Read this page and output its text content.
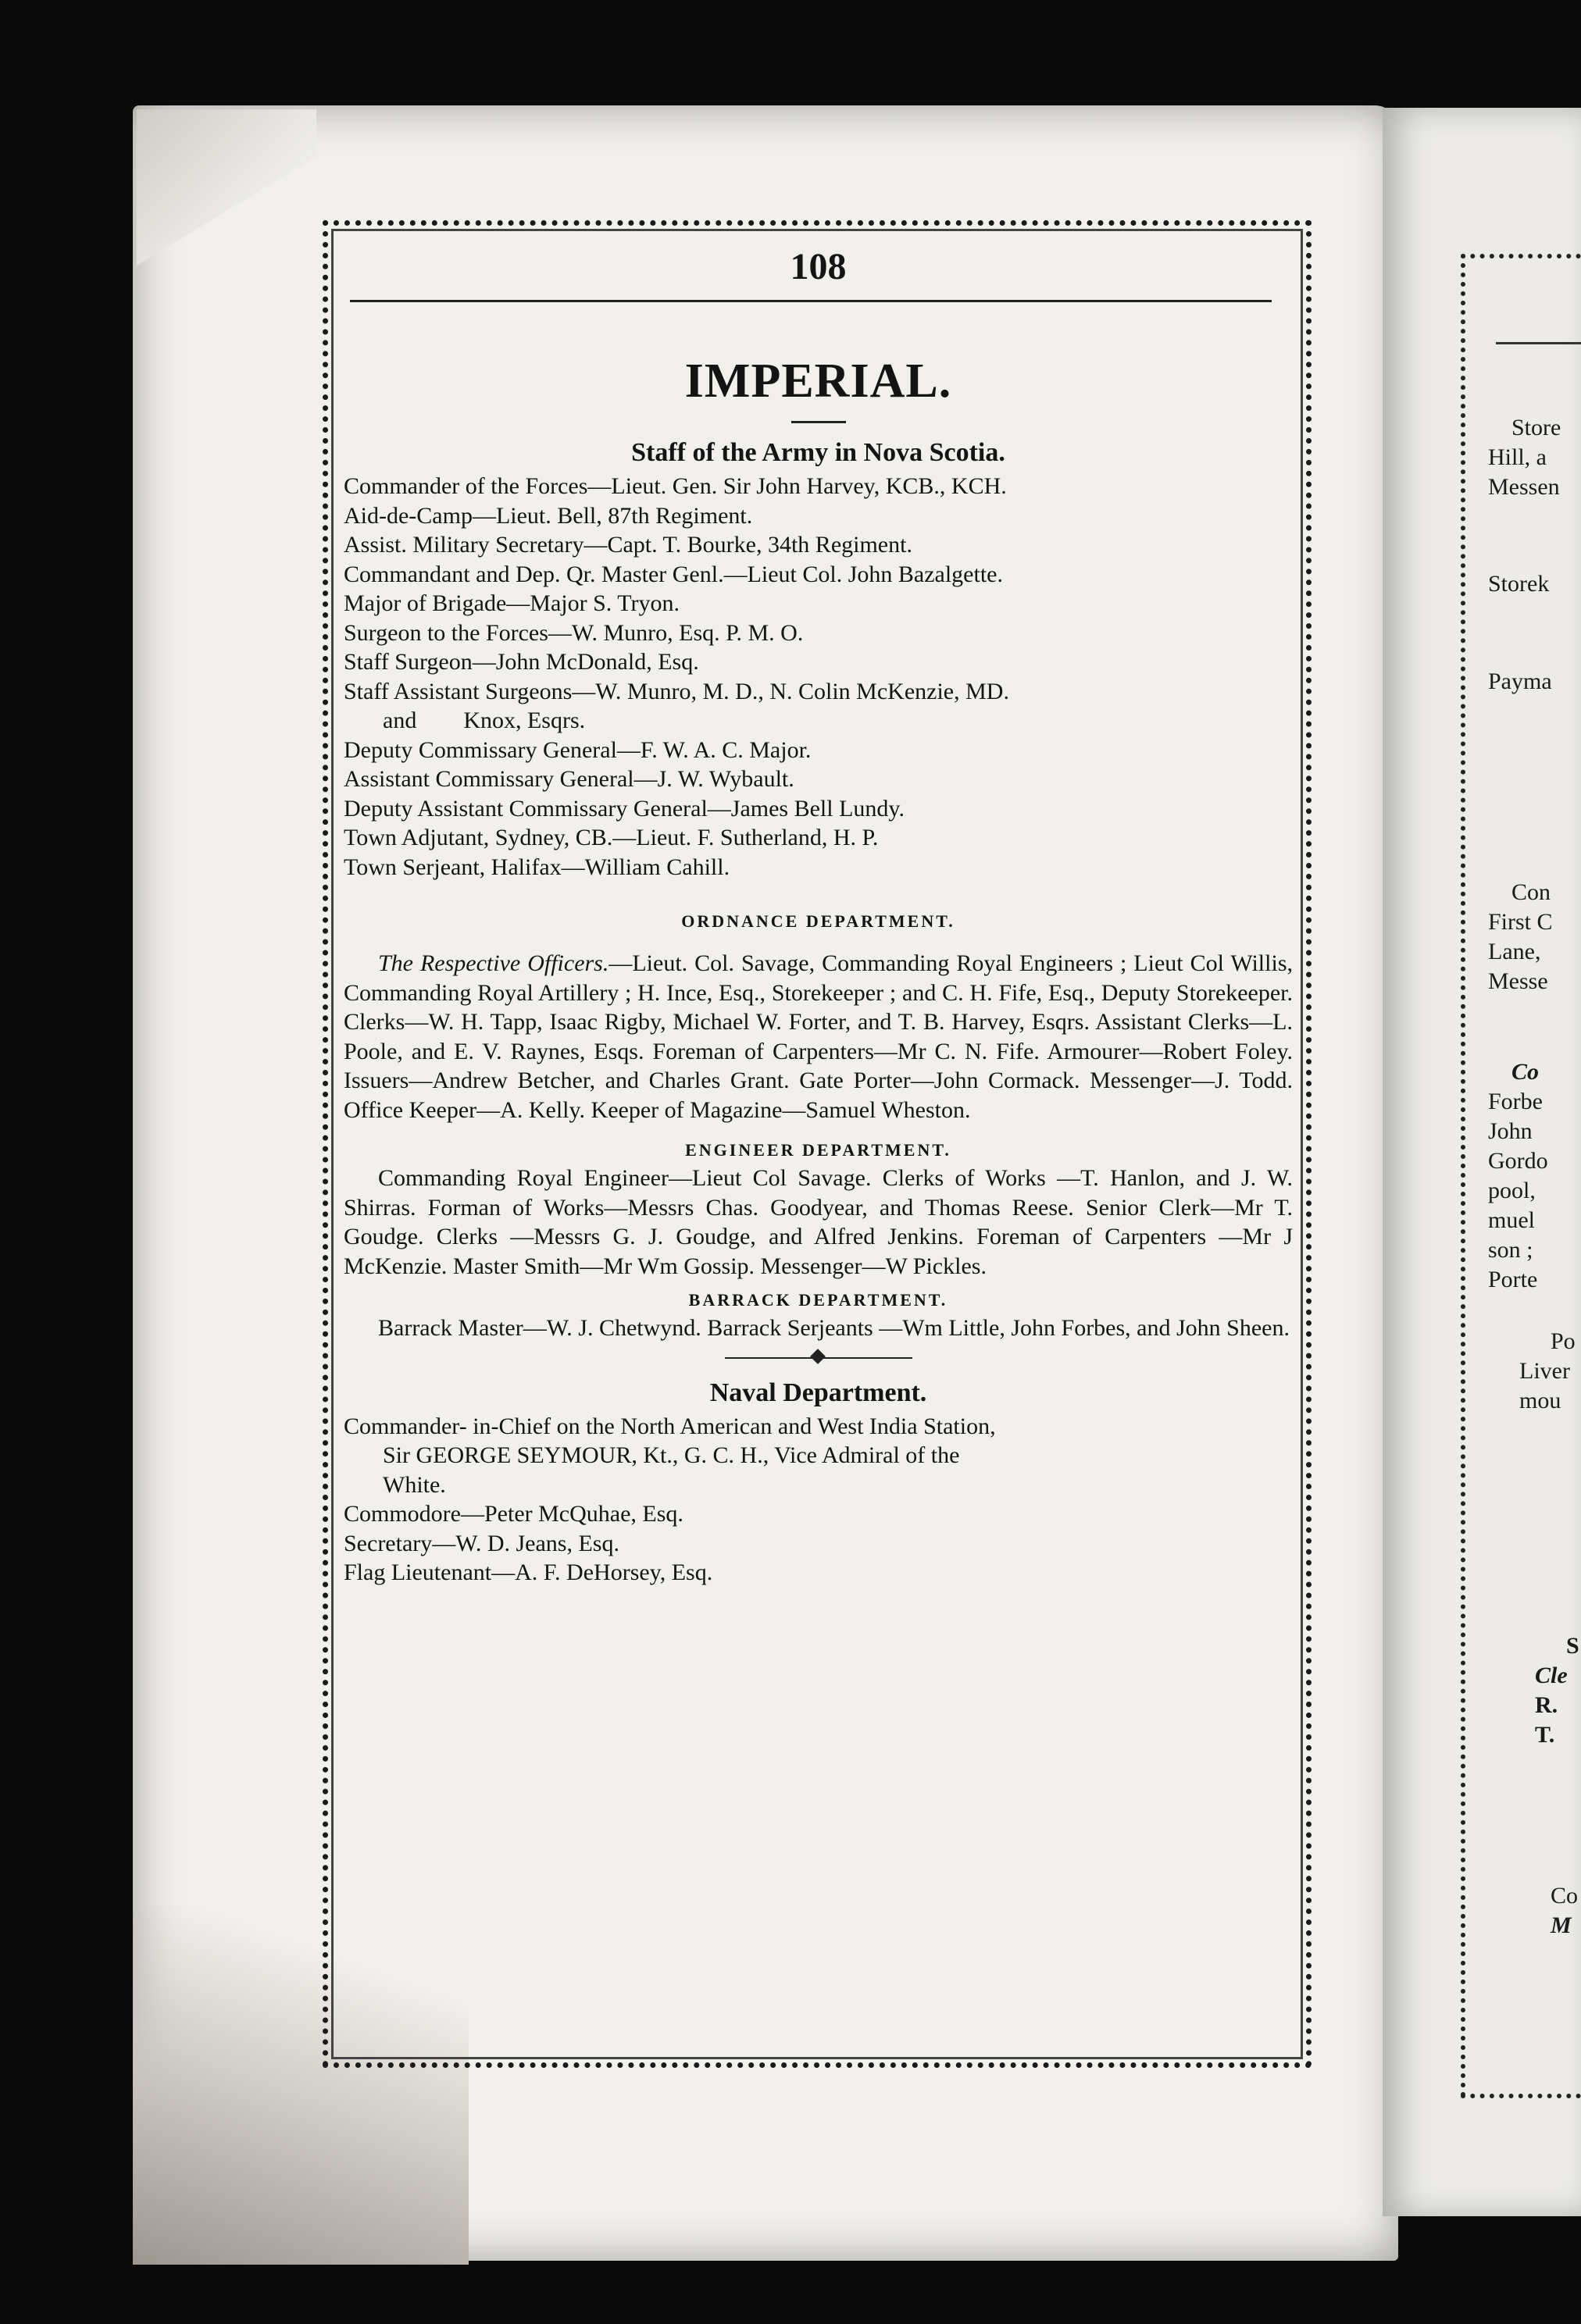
Store
Hill, a
Messen
Storek
Payma
Con
First C
Lane,
Messe
Co
Forbe
John
Gordo
pool,
muel
son ;
Porte
Po
Liver
mou
S
Cle
R.
T.
Co
M
108
IMPERIAL.
Staff of the Army in Nova Scotia.
Commander of the Forces—Lieut. Gen. Sir John Harvey, KCB., KCH.
Aid-de-Camp—Lieut. Bell, 87th Regiment.
Assist. Military Secretary—Capt. T. Bourke, 34th Regiment.
Commandant and Dep. Qr. Master Genl.—Lieut Col. John Bazalgette.
Major of Brigade—Major S. Tryon.
Surgeon to the Forces—W. Munro, Esq. P. M. O.
Staff Surgeon—John McDonald, Esq.
Staff Assistant Surgeons—W. Munro, M. D., N. Colin McKenzie, MD.
and        Knox, Esqrs.
Deputy Commissary General—F. W. A. C. Major.
Assistant Commissary General—J. W. Wybault.
Deputy Assistant Commissary General—James Bell Lundy.
Town Adjutant, Sydney, CB.—Lieut. F. Sutherland, H. P.
Town Serjeant, Halifax—William Cahill.
ORDNANCE DEPARTMENT.
The Respective Officers.—Lieut. Col. Savage, Commanding Royal Engineers ; Lieut Col Willis, Commanding Royal Artillery ; H. Ince, Esq., Storekeeper ; and C. H. Fife, Esq., Deputy Storekeeper. Clerks—W. H. Tapp, Isaac Rigby, Michael W. Forter, and T. B. Harvey, Esqrs. Assistant Clerks—L. Poole, and E. V. Raynes, Esqs. Foreman of Carpenters—Mr C. N. Fife. Armourer—Robert Foley. Issuers—Andrew Betcher, and Charles Grant. Gate Porter—John Cormack. Messenger—J. Todd. Office Keeper—A. Kelly. Keeper of Magazine—Samuel Wheston.
ENGINEER DEPARTMENT.
Commanding Royal Engineer—Lieut Col Savage. Clerks of Works —T. Hanlon, and J. W. Shirras. Forman of Works—Messrs Chas. Goodyear, and Thomas Reese. Senior Clerk—Mr T. Goudge. Clerks —Messrs G. J. Goudge, and Alfred Jenkins. Foreman of Carpenters —Mr J McKenzie. Master Smith—Mr Wm Gossip. Messenger—W Pickles.
BARRACK DEPARTMENT.
Barrack Master—W. J. Chetwynd. Barrack Serjeants —Wm Little, John Forbes, and John Sheen.
Naval Department.
Commander- in-Chief on the North American and West India Station,
Sir GEORGE SEYMOUR, Kt., G. C. H., Vice Admiral of the
White.
Commodore—Peter McQuhae, Esq.
Secretary—W. D. Jeans, Esq.
Flag Lieutenant—A. F. DeHorsey, Esq.
